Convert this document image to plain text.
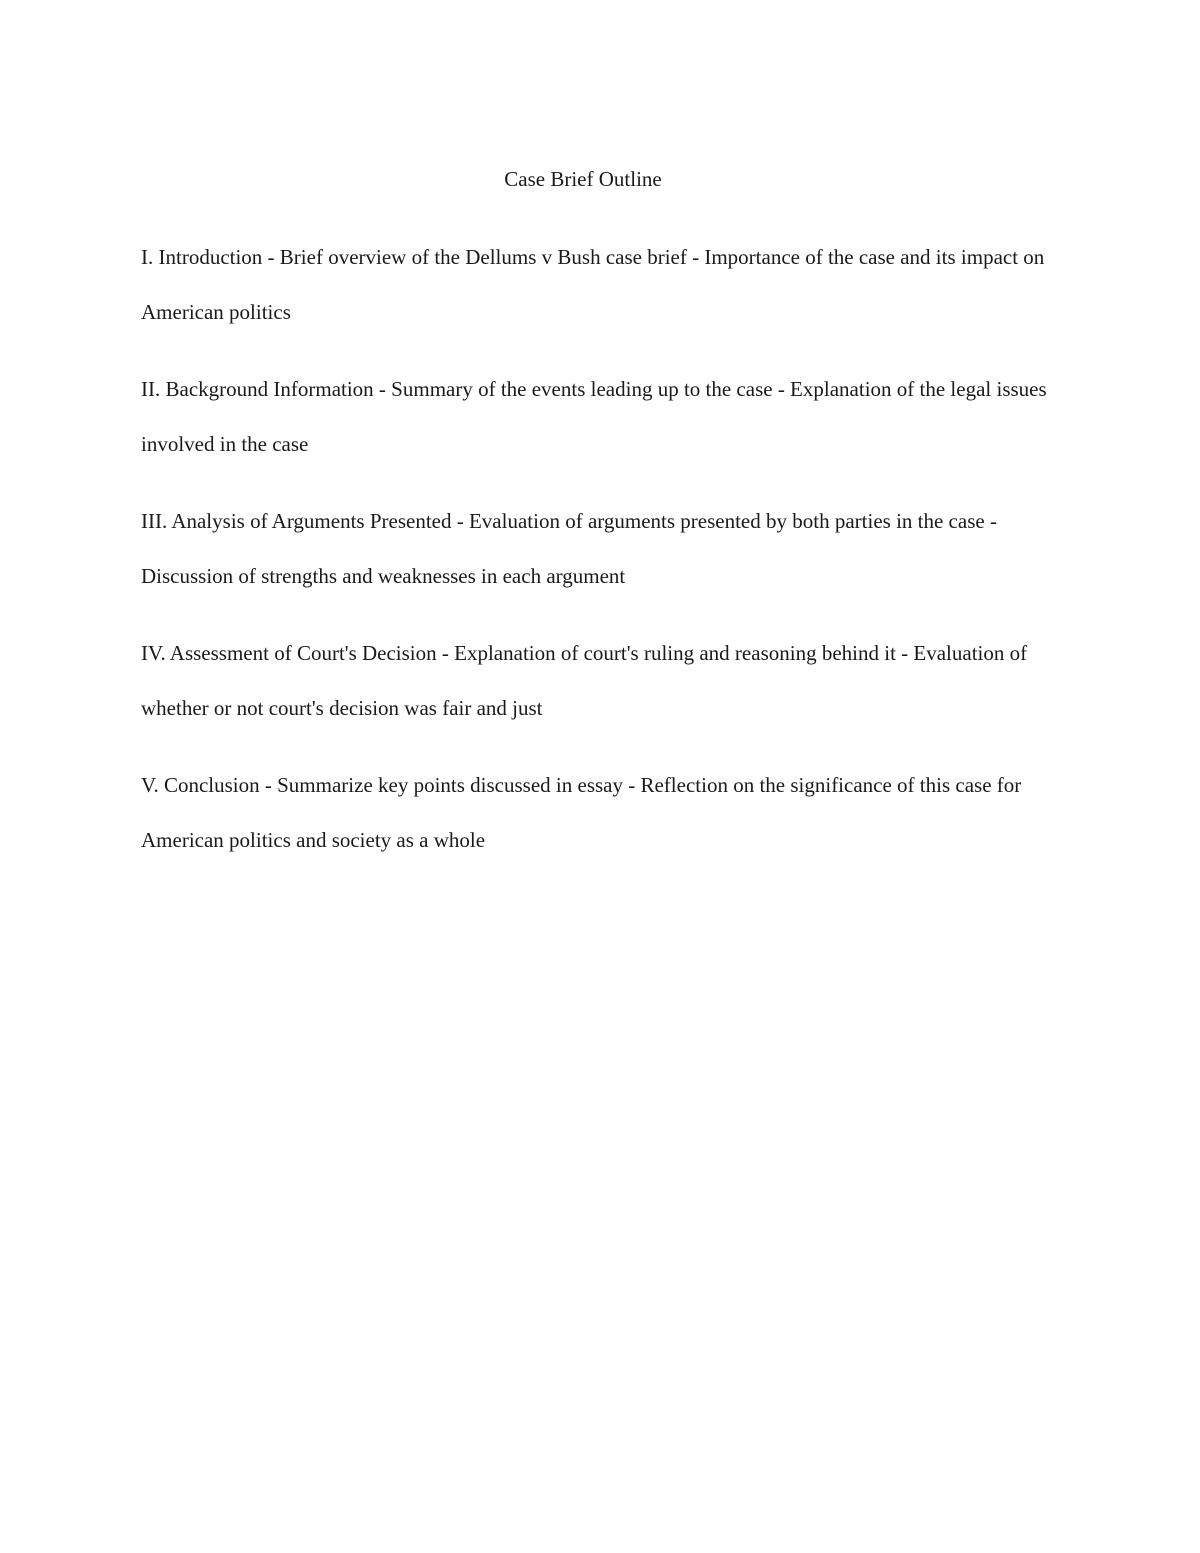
Case Brief Outline
I. Introduction - Brief overview of the Dellums v Bush case brief - Importance of the case and its impact on American politics
II. Background Information - Summary of the events leading up to the case - Explanation of the legal issues involved in the case
III. Analysis of Arguments Presented - Evaluation of arguments presented by both parties in the case - Discussion of strengths and weaknesses in each argument
IV. Assessment of Court's Decision - Explanation of court's ruling and reasoning behind it - Evaluation of whether or not court's decision was fair and just
V. Conclusion - Summarize key points discussed in essay - Reflection on the significance of this case for American politics and society as a whole
